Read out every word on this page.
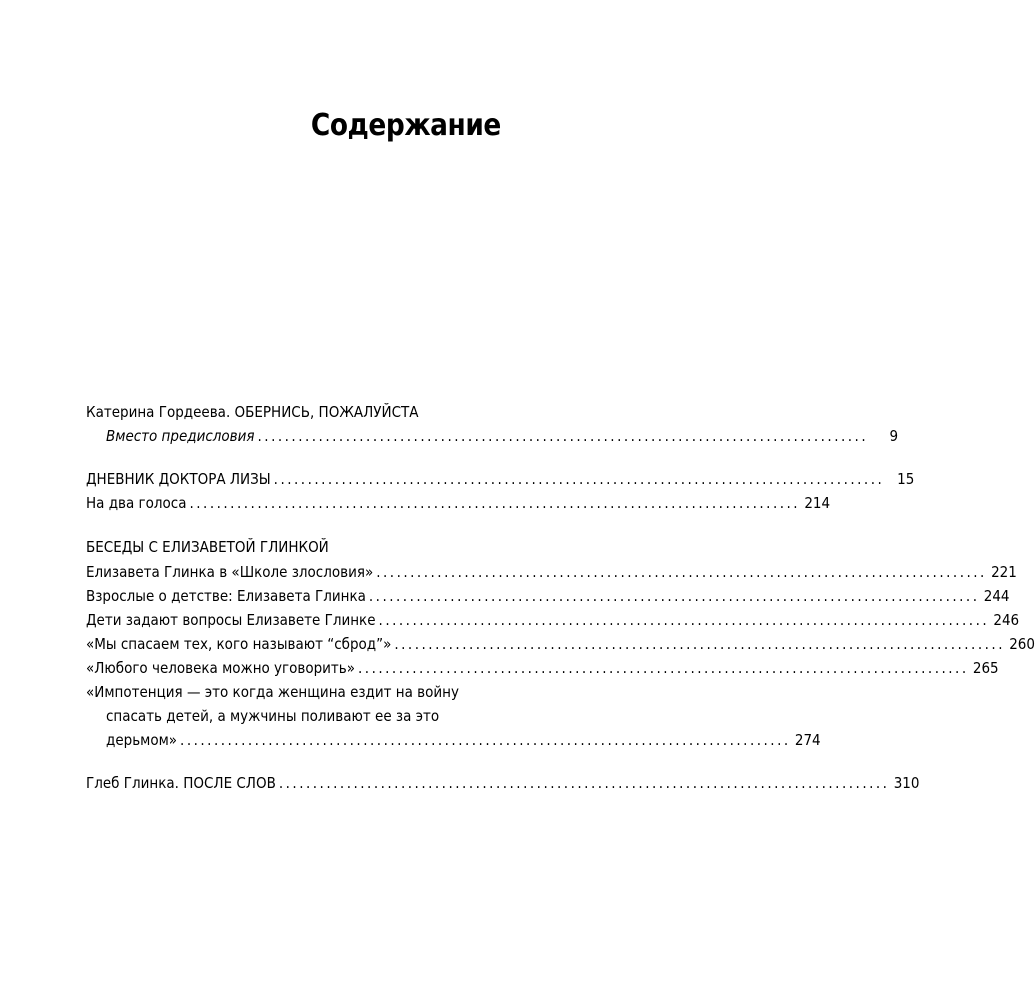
Содержание
Катерина Гордеева. ОБЕРНИСЬ, ПОЖАЛУЙСТА
Вместо предисловия ..........................................................................................	9
ДНЕВНИК ДОКТОРА ЛИЗЫ .......................................................................................... 15
На два голоса .......................................................................................... 214
БЕСЕДЫ С ЕЛИЗАВЕТОЙ ГЛИНКОЙ
Елизавета Глинка в «Школе злословия» .......................................................................................... 221
Взрослые о детстве: Елизавета Глинка .......................................................................................... 244
Дети задают вопросы Елизавете Глинке .......................................................................................... 246
«Мы спасаем тех, кого называют “сброд”» .......................................................................................... 260
«Любого человека можно уговорить» .......................................................................................... 265
«Импотенция — это когда женщина ездит на войну
спасать детей, а мужчины поливают ее за это
дерьмом» .......................................................................................... 274
Глеб Глинка. ПОСЛЕ СЛОВ .......................................................................................... 310
